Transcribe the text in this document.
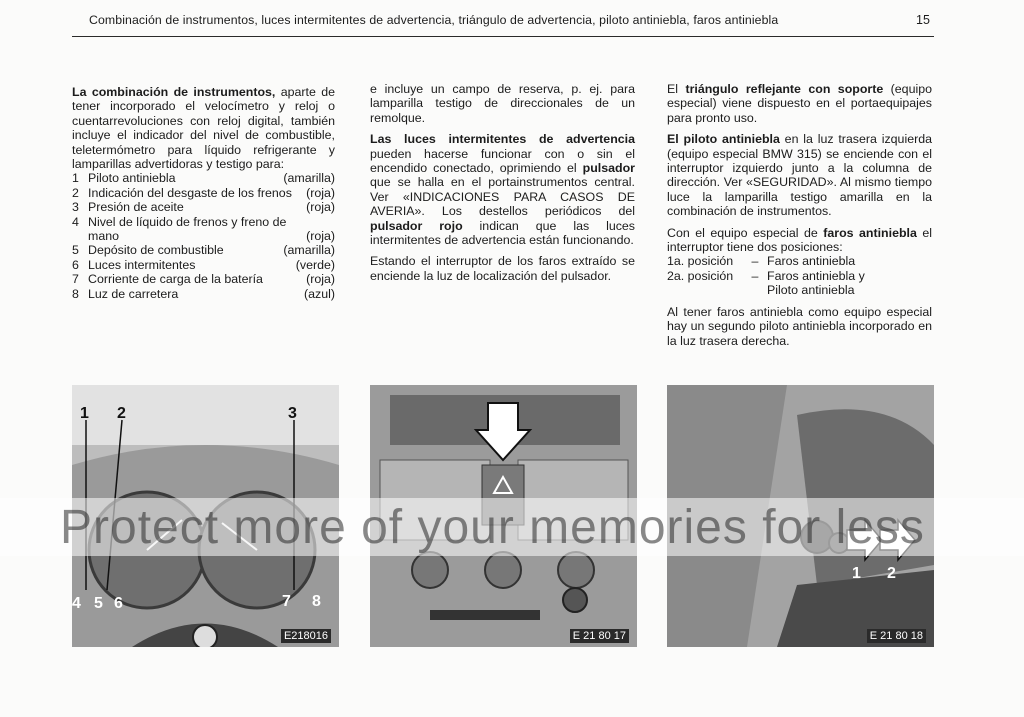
Combinación de instrumentos, luces intermitentes de advertencia, triángulo de advertencia, piloto antiniebla, faros antiniebla	15

La combinación de instrumentos, aparte de tener incorporado el velocímetro y reloj o cuentarrevoluciones con reloj digital, también incluye el indicador del nivel de combustible, teletermómetro para líquido refrigerante y lamparillas advertidoras y testigo para:

1 Piloto antiniebla	(amarilla)
2 Indicación del desgaste de los frenos	(roja)
3 Presión de aceite	(roja)
4 Nivel de líquido de frenos y freno de mano	(roja)
5 Depósito de combustible	(amarilla)
6 Luces intermitentes	(verde)
7 Corriente de carga de la batería	(roja)
8 Luz de carretera	(azul)

e incluye un campo de reserva, p. ej. para lamparilla testigo de direccionales de un remolque.

Las luces intermitentes de advertencia pueden hacerse funcionar con o sin el encendido conectado, oprimiendo el pulsador que se halla en el portainstrumentos central. Ver «INDICACIONES PARA CASOS DE AVERIA». Los destellos periódicos del pulsador rojo indican que las luces intermitentes de advertencia están funcionando.

Estando el interruptor de los faros extraído se enciende la luz de localización del pulsador.

El triángulo reflejante con soporte (equipo especial) viene dispuesto en el portaequipajes para pronto uso.

El piloto antiniebla en la luz trasera izquierda (equipo especial BMW 315) se enciende con el interruptor izquierdo junto a la columna de dirección. Ver «SEGURIDAD». Al mismo tiempo luce la lamparilla testigo amarilla en la combinación de instrumentos.

Con el equipo especial de faros antiniebla el interruptor tiene dos posiciones:

1a. posición	– Faros antiniebla
2a. posición	– Faros antiniebla y
Piloto antiniebla

Al tener faros antiniebla como equipo especial hay un segundo piloto antiniebla incorporado en la luz trasera derecha.

1 2	3
4 5 6	7 8
E218016	E 21 80 17
1 2
E 21 80 18
Protect more of your memories for less
